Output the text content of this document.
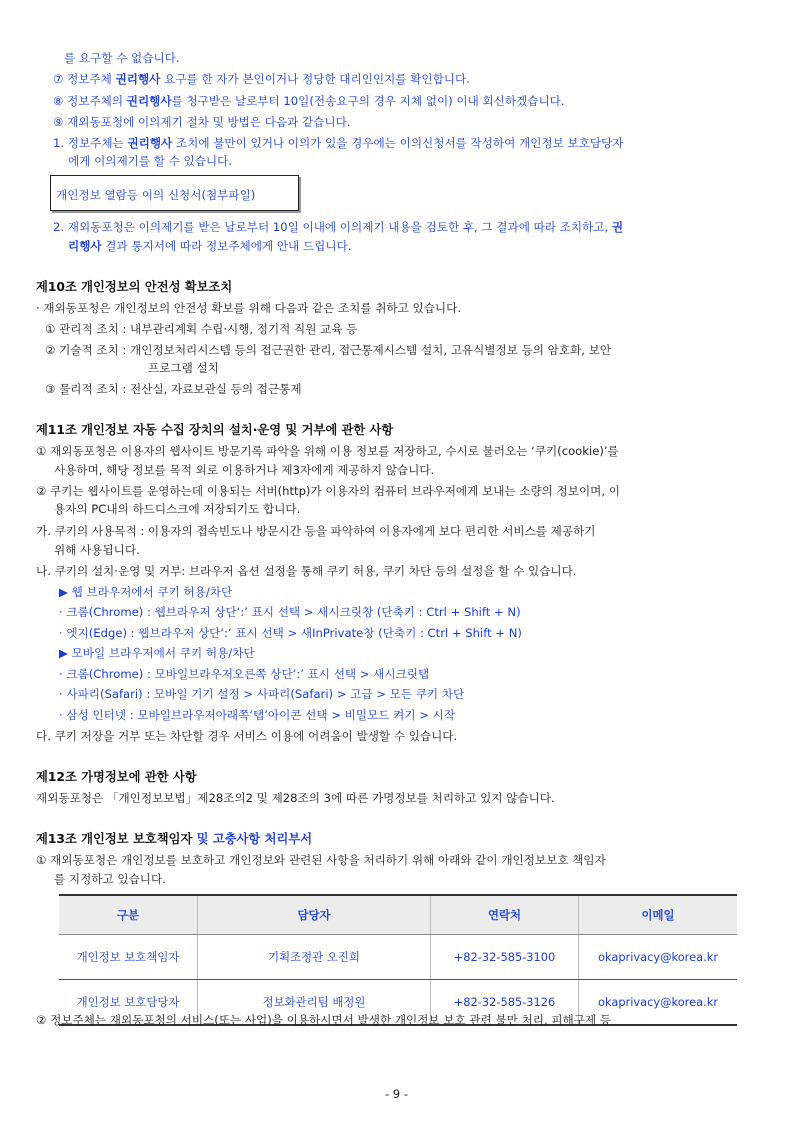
를 요구할 수 없습니다.
⑦ 정보주체 권리행사 요구를 한 자가 본인이거나 정당한 대리인인지를 확인합니다.
⑧ 정보주체의 권리행사를 청구받은 날로부터 10일(전송요구의 경우 지체 없이) 이내 회신하겠습니다.
⑨ 재외동포청에 이의제기 절차 및 방법은 다음과 같습니다.
1. 정보주체는 권리행사 조치에 불만이 있거나 이의가 있을 경우에는 이의신청서를 작성하여 개인정보 보호담당자
에게 이의제기를 할 수 있습니다.
개인정보 열람등 이의 신청서(첨부파일)
2. 재외동포청은 이의제기를 받은 날로부터 10일 이내에 이의제기 내용을 검토한 후, 그 결과에 따라 조치하고, 권
리행사 결과 통지서에 따라 정보주체에게 안내 드립니다.
제10조 개인정보의 안전성 확보조치
· 재외동포청은 개인정보의 안전성 확보를 위해 다음과 같은 조치를 취하고 있습니다.
① 관리적 조치 : 내부관리계획 수립·시행, 정기적 직원 교육 등
② 기술적 조치 : 개인정보처리시스템 등의 접근권한 관리, 접근통제시스템 설치, 고유식별정보 등의 암호화, 보안
프로그램 설치
③ 물리적 조치 : 전산실, 자료보관실 등의 접근통제
제11조 개인정보 자동 수집 장치의 설치·운영 및 거부에 관한 사항
① 재외동포청은 이용자의 웹사이트 방문기록 파악을 위해 이용 정보를 저장하고, 수시로 불러오는 ‘쿠키(cookie)’를
사용하며, 해당 정보를 목적 외로 이용하거나 제3자에게 제공하지 않습니다.
② 쿠키는 웹사이트를 운영하는데 이용되는 서버(http)가 이용자의 컴퓨터 브라우저에게 보내는 소량의 정보이며, 이
용자의 PC내의 하드디스크에 저장되기도 합니다.
가. 쿠키의 사용목적 : 이용자의 접속빈도나 방문시간 등을 파악하여 이용자에게 보다 편리한 서비스를 제공하기
위해 사용됩니다.
나. 쿠키의 설치·운영 및 거부: 브라우저 옵션 설정을 통해 쿠키 허용, 쿠키 차단 등의 설정을 할 수 있습니다.
▶ 웹 브라우저에서 쿠키 허용/차단
· 크롬(Chrome) : 웹브라우저 상단‘:’ 표시 선택 > 새시크릿창 (단축키 : Ctrl + Shift + N)
· 엣지(Edge) : 웹브라우저 상단‘:’ 표시 선택 > 새InPrivate창 (단축키 : Ctrl + Shift + N)
▶ 모바일 브라우저에서 쿠키 허용/차단
· 크롬(Chrome) : 모바일브라우저오른쪽 상단‘:’ 표시 선택 > 새시크릿탭
· 사파리(Safari) : 모바일 기기 설정 > 사파리(Safari) > 고급 > 모든 쿠키 차단
· 삼성 인터넷 : 모바일브라우저아래쪽‘탭’아이콘 선택 > 비밀모드 켜기 > 시작
다. 쿠키 저장을 거부 또는 차단할 경우 서비스 이용에 어려움이 발생할 수 있습니다.
제12조 가명정보에 관한 사항
재외동포청은 「개인정보보법」제28조의2 및 제28조의 3에 따른 가명정보를 처리하고 있지 않습니다.
제13조 개인정보 보호책임자 및 고충사항 처리부서
① 재외동포청은 개인정보를 보호하고 개인정보와 관련된 사항을 처리하기 위해 아래와 같이 개인정보보호 책임자
를 지정하고 있습니다.
구분	담당자	연락처	이메일
개인정보 보호책임자	기획조정관 오진희	+82-32-585-3100	okaprivacy@korea.kr
개인정보 보호담당자	정보화관리팀 배정원	+82-32-585-3126	okaprivacy@korea.kr
② 정보주체는 재외동포청의 서비스(또는 사업)을 이용하시면서 발생한 개인정보 보호 관련 불만 처리, 피해구제 등
- 9 -
